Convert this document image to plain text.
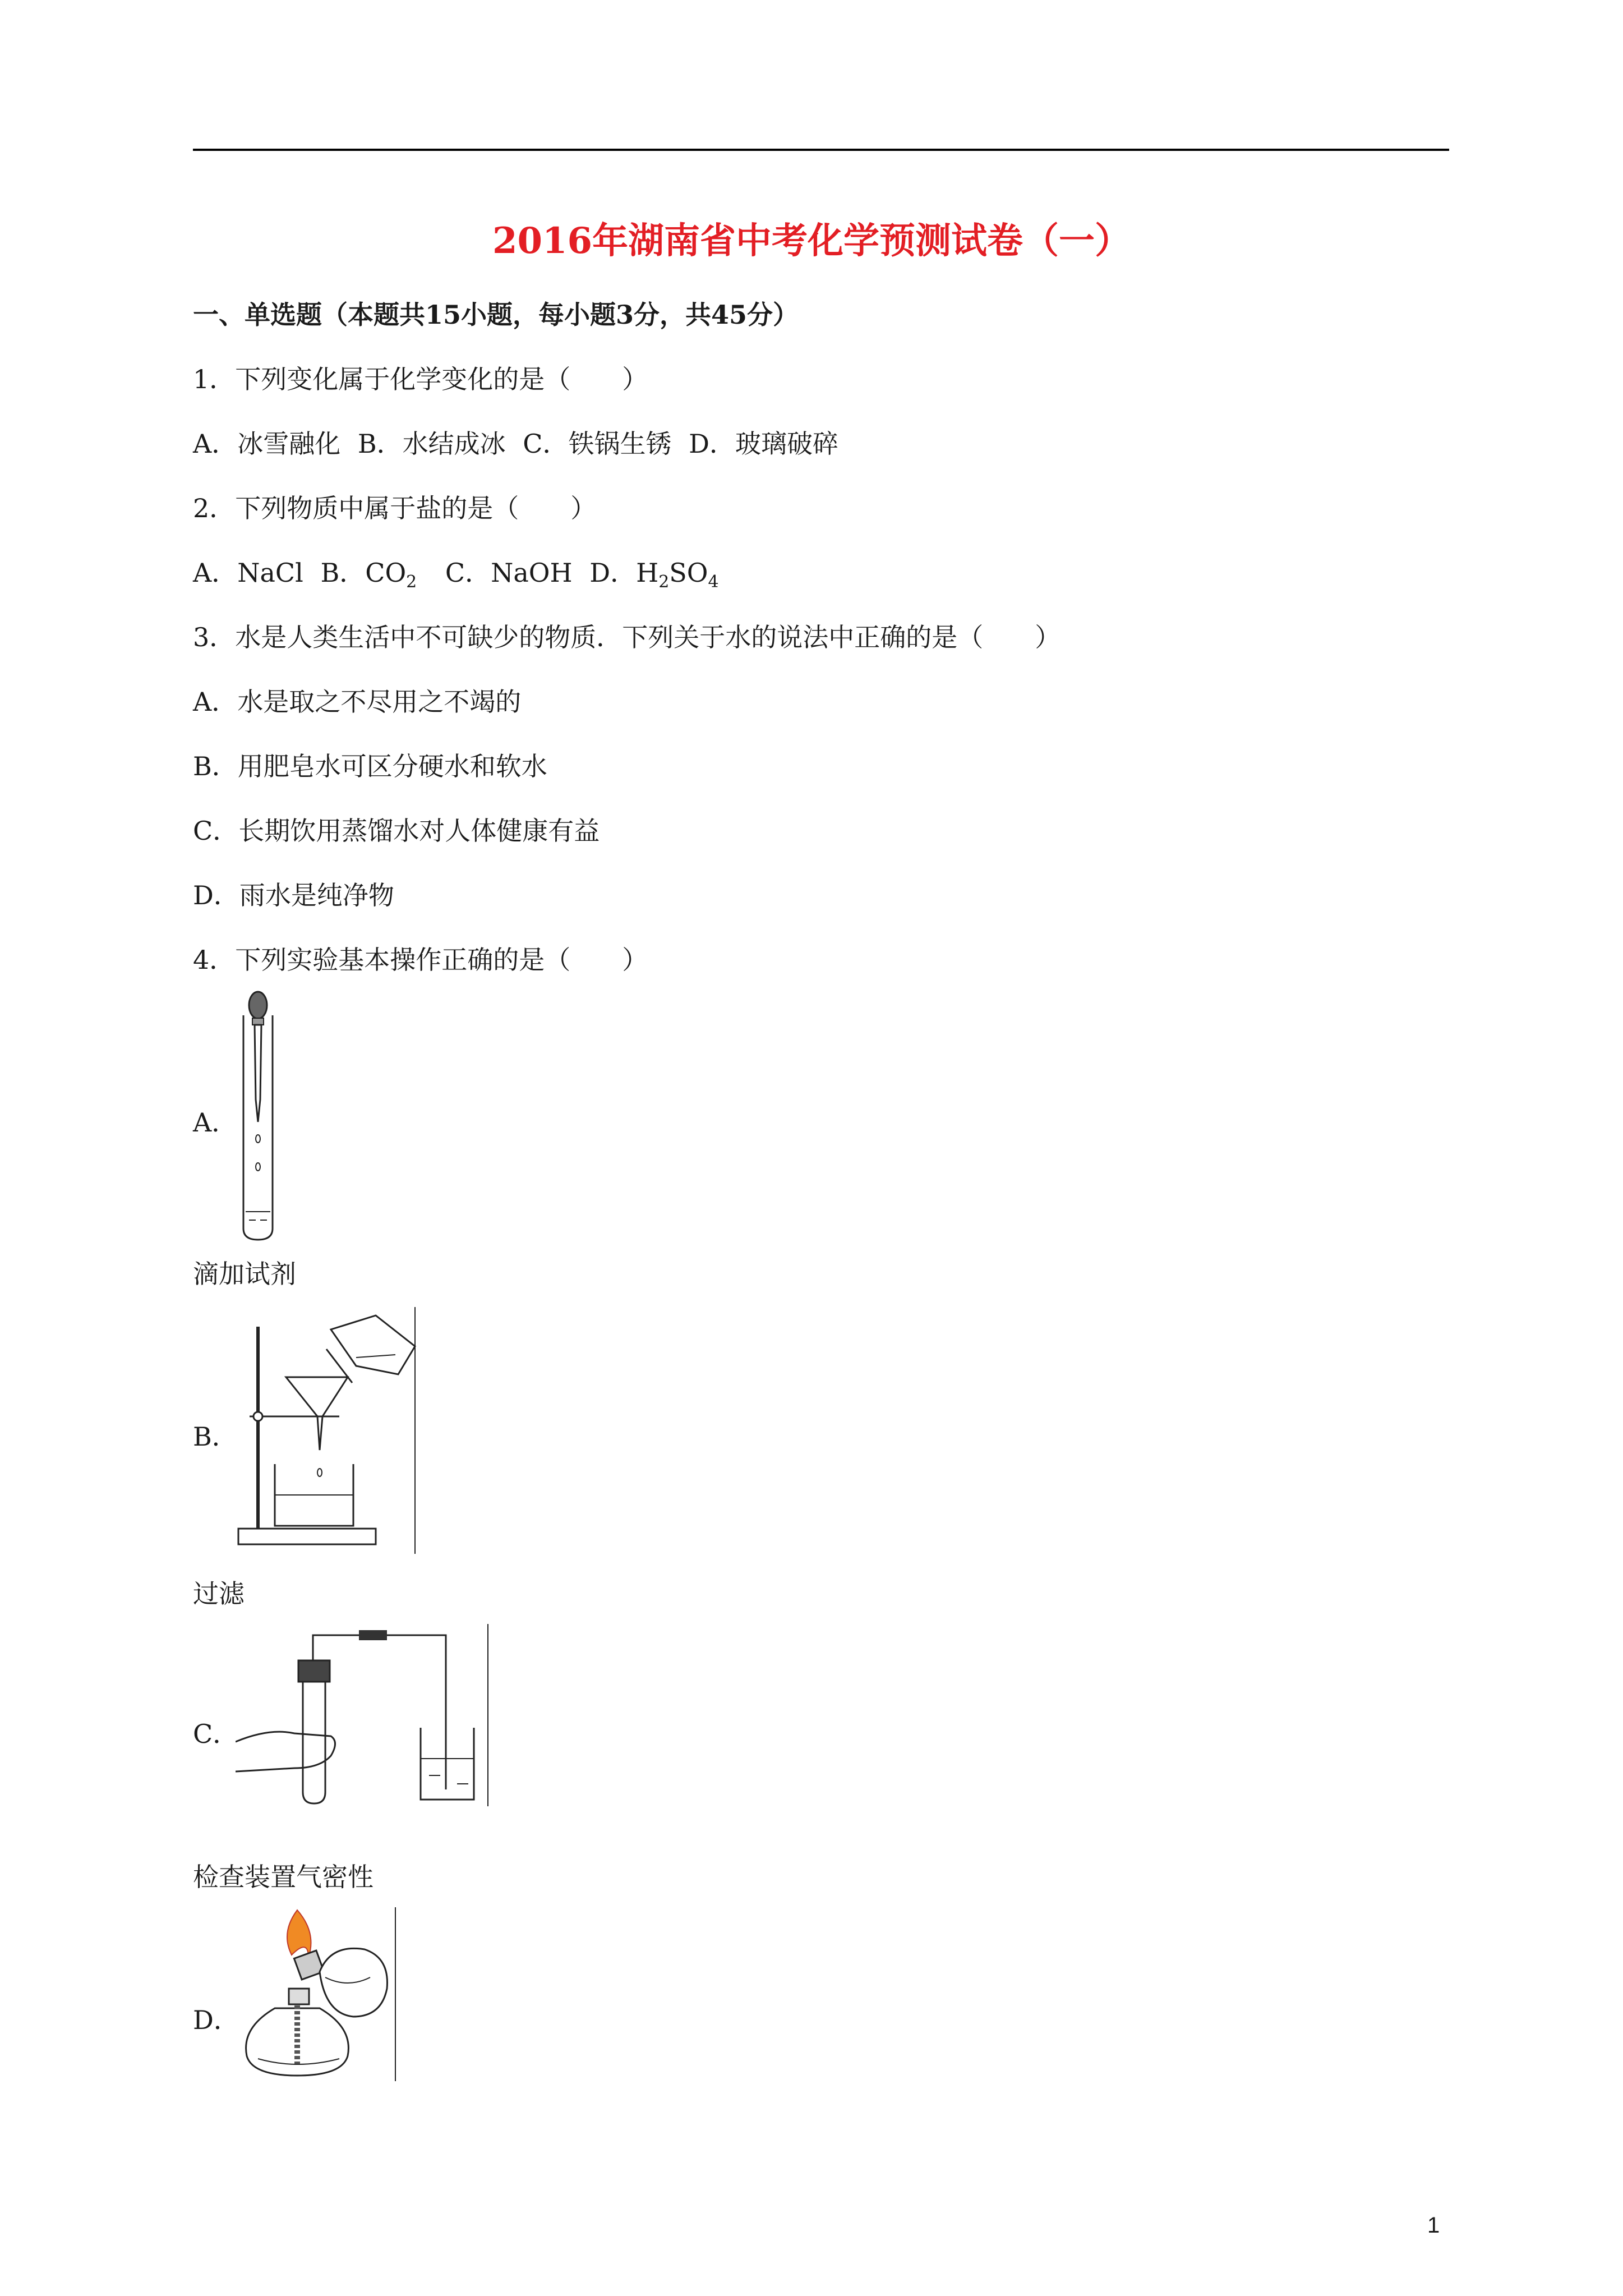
2016年湖南省中考化学预测试卷（一）
一、单选题（本题共15小题，每小题3分，共45分）
1．下列变化属于化学变化的是（　　）
A．冰雪融化 B．水结成冰 C．铁锅生锈 D．玻璃破碎
2．下列物质中属于盐的是（　　）
A．NaCl B．$CO_2$ C．NaOH D．$H_2SO_4$
3．水是人类生活中不可缺少的物质．下列关于水的说法中正确的是（　　）
A．水是取之不尽用之不竭的
B．用肥皂水可区分硬水和软水
C．长期饮用蒸馏水对人体健康有益
D．雨水是纯净物
4．下列实验基本操作正确的是（　　）
A．
滴加试剂
B．
过滤
C．
检查装置气密性
D．
1
